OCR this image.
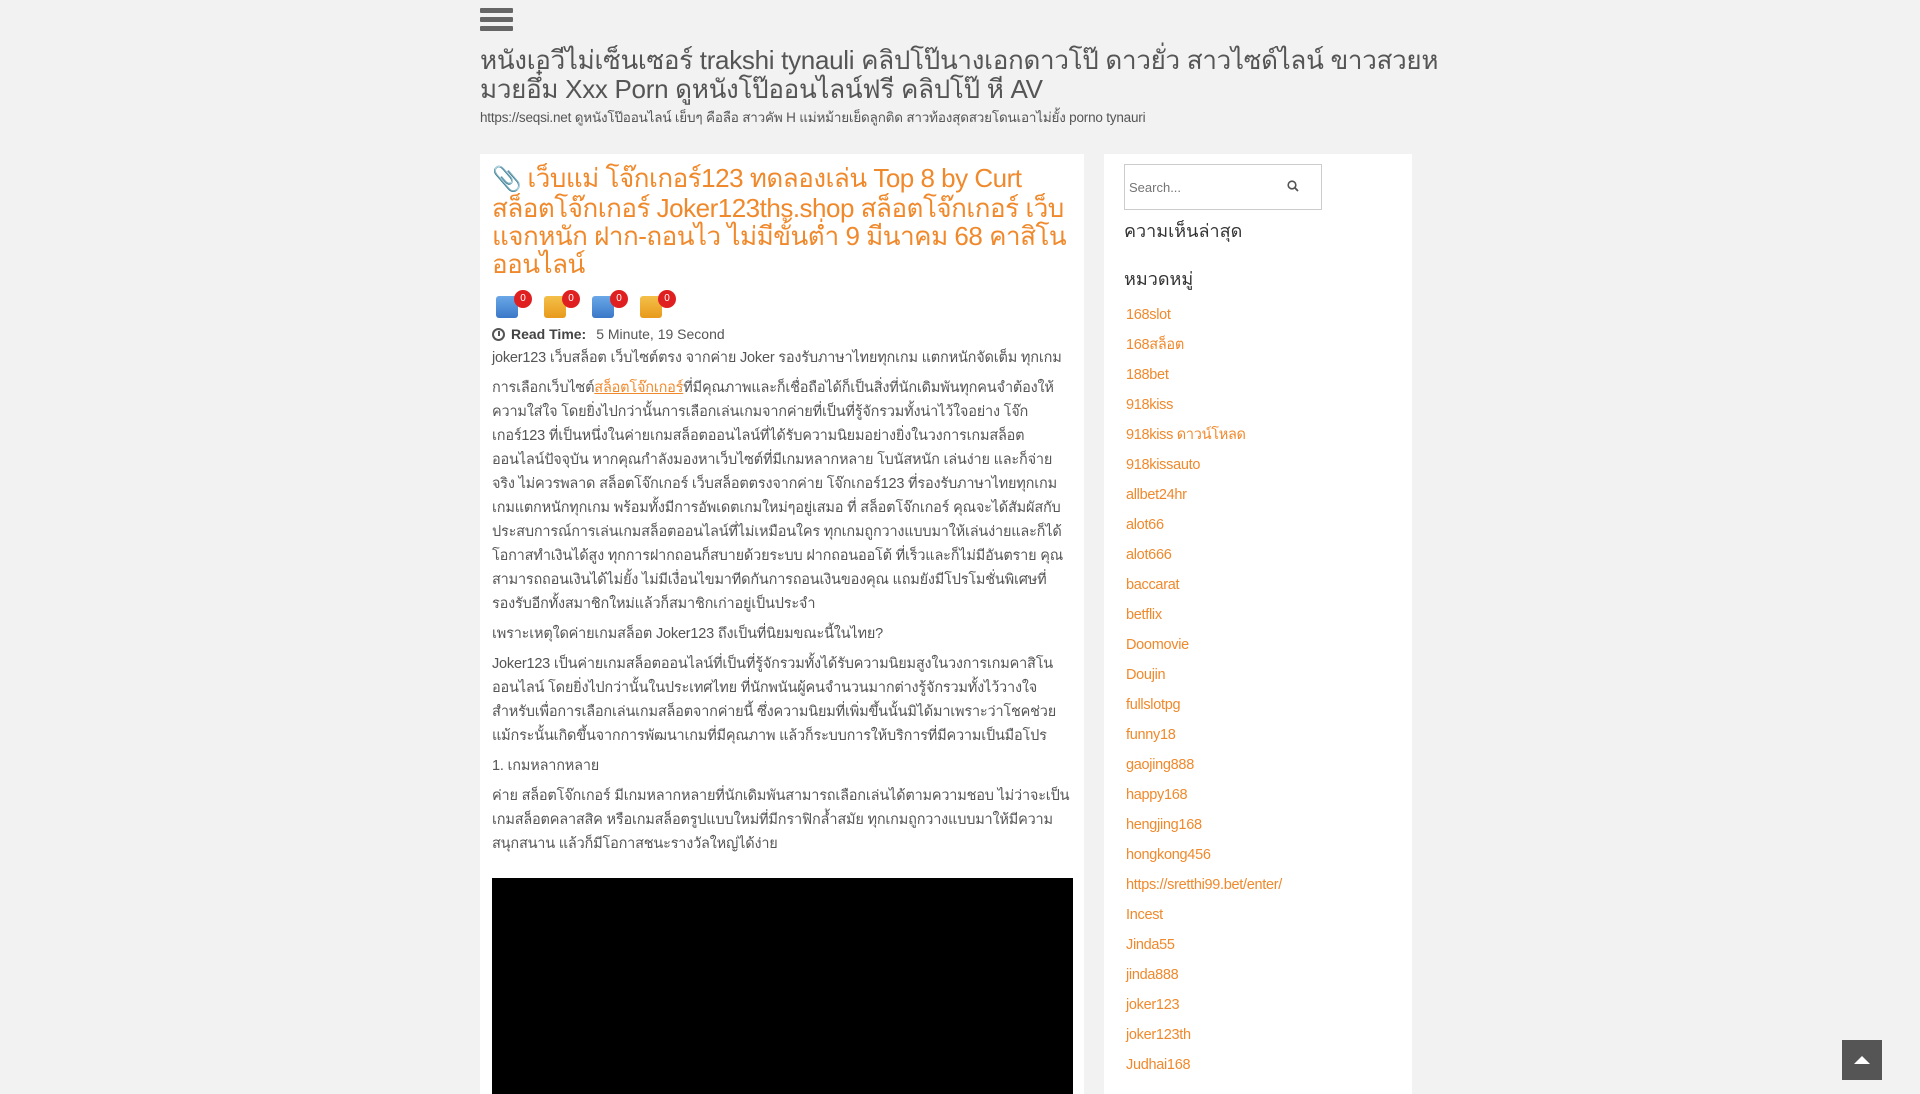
หนังเอวีไม่เซ็นเซอร์ trakshi tynauli คลิปโป๊นางเอกดาวโป๊ ดาวยั่ว สาวไซด์ไลน์ ขาวสวยหมวยอึ๋ม Xxx Porn ดูหนังโป๊ออนไลน์ฟรี คลิปโป๊ หี AV
https://seqsi.net ดูหนังโป๊ออนไลน์ เย็บๆ คือลือ สาวคัพ H แม่หม้ายเย็ดลูกติด สาวท้องสุดสวยโดนเอาไม่ยั้ง porno tynauri
📎 เว็บแม่ โจ๊กเกอร์123 ทดลองเล่น Top 8 by Curt สล็อตโจ๊กเกอร์ Joker123ths.shop สล็อตโจ๊กเกอร์ เว็บแจกหนัก ฝาก-ถอนไว ไม่มีขั้นต่ำ 9 มีนาคม 68 คาสิโนออนไลน์
0	0	0	0
Read Time: 5 Minute, 19 Second

joker123 เว็บสล็อต เว็บไซต์ตรง จากค่าย Joker รองรับภาษาไทยทุกเกม แตกหนักจัดเต็ม ทุกเกม

การเลือกเว็บไซต์สล็อตโจ๊กเกอร์ที่มีคุณภาพและก็เชื่อถือได้ก็เป็นสิ่งที่นักเดิมพันทุกคนจำต้องให้ความใส่ใจ โดยยิ่งไปกว่านั้นการเลือกเล่นเกมจากค่ายที่เป็นที่รู้จักรวมทั้งน่าไว้ใจอย่าง โจ๊กเกอร์123 ที่เป็นหนึ่งในค่ายเกมสล็อตออนไลน์ที่ได้รับความนิยมอย่างยิ่งในวงการเกมสล็อตออนไลน์ปัจจุบัน หากคุณกำลังมองหาเว็บไซต์ที่มีเกมหลากหลาย โบนัสหนัก เล่นง่าย และก็จ่ายจริง ไม่ควรพลาด สล็อตโจ๊กเกอร์ เว็บสล็อตตรงจากค่าย โจ๊กเกอร์123 ที่รองรับภาษาไทยทุกเกม เกมแตกหนักทุกเกม พร้อมทั้งมีการอัพเดตเกมใหม่ๆอยู่เสมอ ที่ สล็อตโจ๊กเกอร์ คุณจะได้สัมผัสกับประสบการณ์การเล่นเกมสล็อตออนไลน์ที่ไม่เหมือนใคร ทุกเกมถูกวางแบบมาให้เล่นง่ายและก็ได้โอกาสทำเงินได้สูง ทุกการฝากถอนก็สบายด้วยระบบ ฝากถอนออโต้ ที่เร็วและก็ไม่มีอันตราย คุณสามารถถอนเงินได้ไม่ยั้ง ไม่มีเงื่อนไขมาทีดกันการถอนเงินของคุณ แถมยังมีโปรโมชั่นพิเศษที่รองรับอีกทั้งสมาชิกใหม่แล้วก็สมาชิกเก่าอยู่เป็นประจำ

เพราะเหตุใดค่ายเกมสล็อต Joker123 ถึงเป็นที่นิยมขณะนี้ในไทย?

Joker123 เป็นค่ายเกมสล็อตออนไลน์ที่เป็นที่รู้จักรวมทั้งได้รับความนิยมสูงในวงการเกมคาสิโนออนไลน์ โดยยิ่งไปกว่านั้นในประเทศไทย ที่นักพนันผู้คนจำนวนมากต่างรู้จักรวมทั้งไว้วางใจสำหรับเพื่อการเลือกเล่นเกมสล็อตจากค่ายนี้ ซึ่งความนิยมที่เพิ่มขึ้นนั้นมิได้มาเพราะว่าโชคช่วย แม้กระนั้นเกิดขึ้นจากการพัฒนาเกมที่มีคุณภาพ แล้วก็ระบบการให้บริการที่มีความเป็นมือโปร

1. เกมหลากหลาย

ค่าย สล็อตโจ๊กเกอร์ มีเกมหลากหลายที่นักเดิมพันสามารถเลือกเล่นได้ตามความชอบ ไม่ว่าจะเป็นเกมสล็อตคลาสสิค หรือเกมสล็อตรูปแบบใหม่ที่มีกราฟิกล้ำสมัย ทุกเกมถูกวางแบบมาให้มีความสนุกสนาน แล้วก็มีโอกาสชนะรางวัลใหญ่ได้ง่าย

Search...
ความเห็นล่าสุด
หมวดหมู่
168slot
168สล็อต
188bet
918kiss
918kiss ดาวน์โหลด
918kissauto
allbet24hr
alot66
alot666
baccarat
betflix
Doomovie
Doujin
fullslotpg
funny18
gaojing888
happy168
hengjing168
hongkong456
https://sretthi99.bet/enter/
Incest
Jinda55
jinda888
joker123
joker123th
Judhai168
